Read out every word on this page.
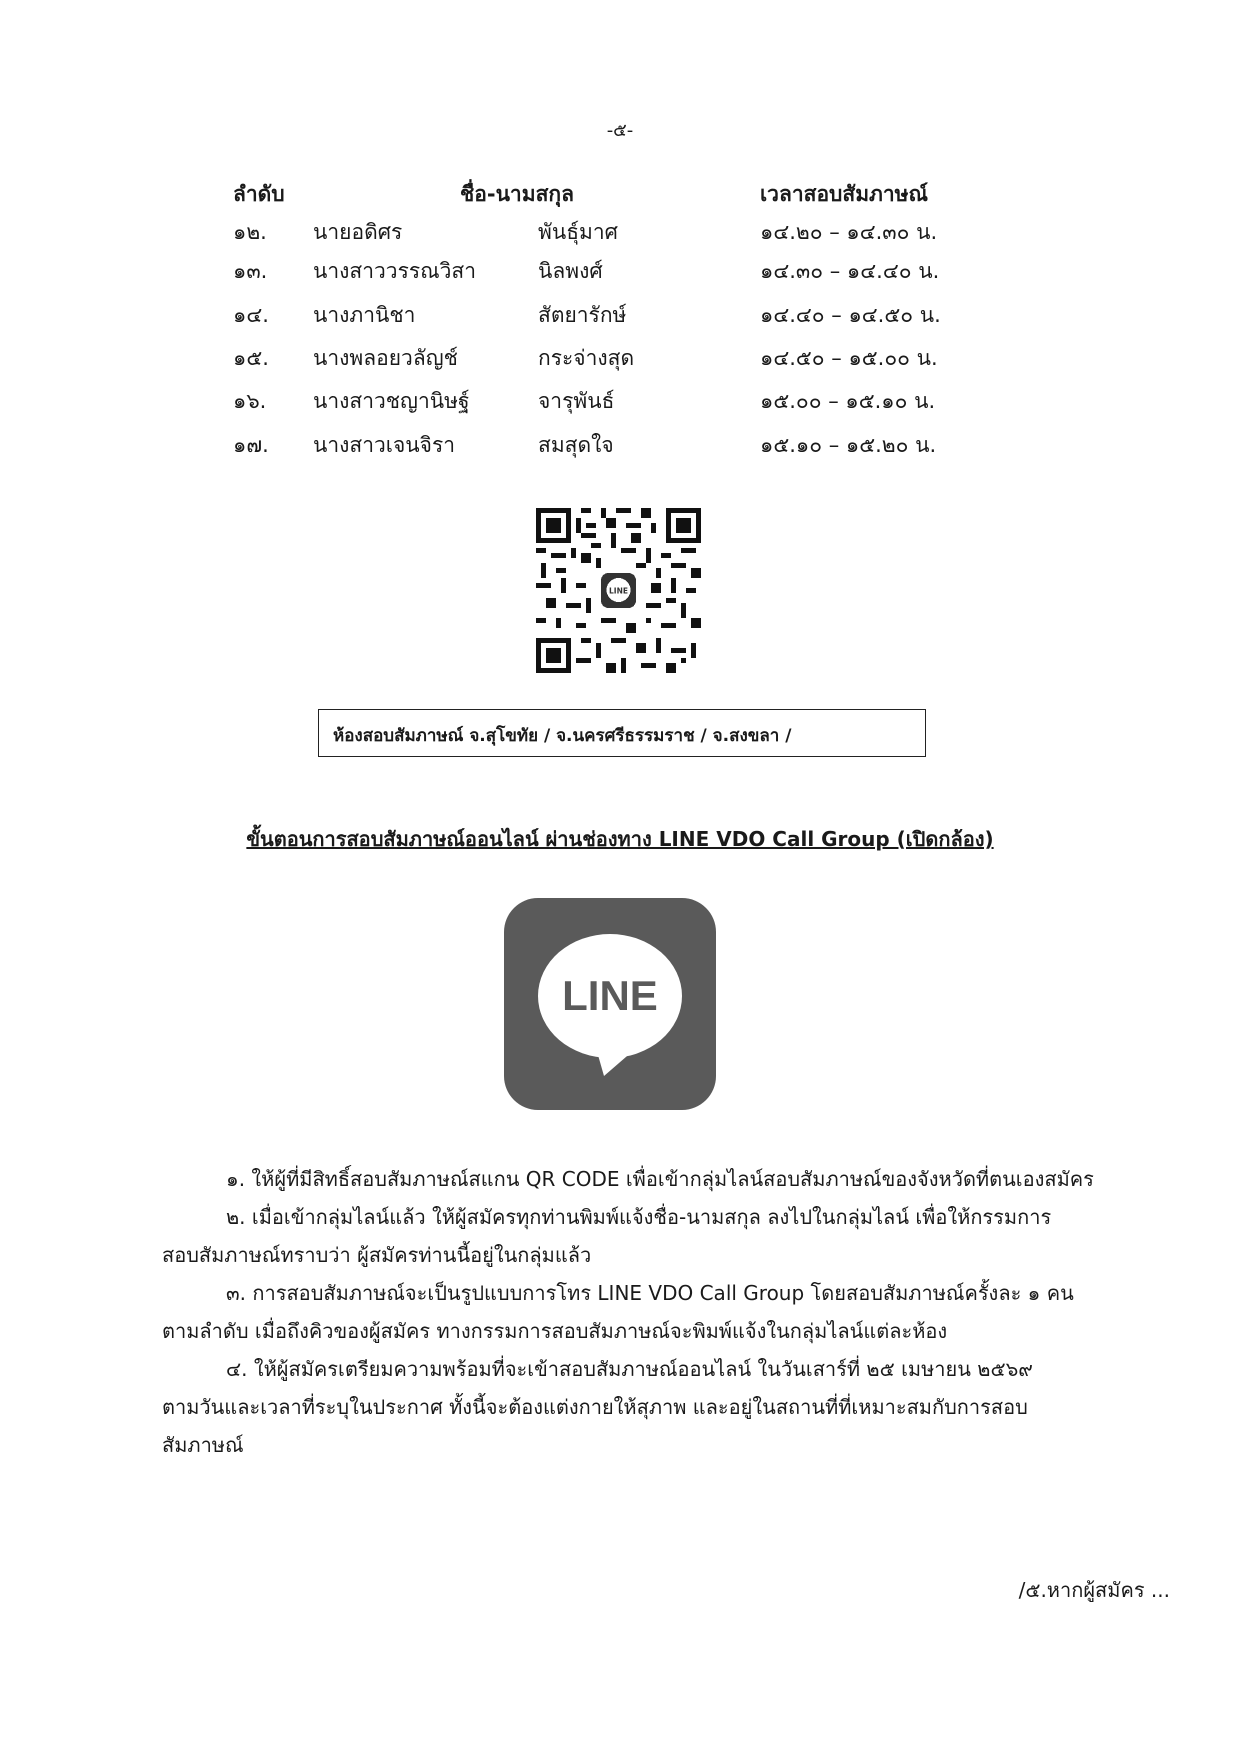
-๕-
ลำดับ	ชื่อ-นามสกุล	เวลาสอบสัมภาษณ์
๑๒. นายอดิศร	พันธุ์มาศ	๑๔.๒๐ – ๑๔.๓๐ น.
๑๓. นางสาววรรณวิสา	นิลพงศ์	๑๔.๓๐ – ๑๔.๔๐ น.
๑๔. นางภานิชา	สัตยารักษ์	๑๔.๔๐ – ๑๔.๕๐ น.
๑๕. นางพลอยวลัญช์	กระจ่างสุด	๑๔.๕๐ – ๑๕.๐๐ น.
๑๖. นางสาวชญานิษฐ์	จารุพันธ์	๑๕.๐๐ – ๑๕.๑๐ น.
๑๗. นางสาวเจนจิรา	สมสุดใจ	๑๕.๑๐ – ๑๕.๒๐ น.
LINE
ห้องสอบสัมภาษณ์ จ.สุโขทัย / จ.นครศรีธรรมราช / จ.สงขลา /
ขั้นตอนการสอบสัมภาษณ์ออนไลน์ ผ่านช่องทาง LINE VDO Call Group (เปิดกล้อง)
LINE
๑. ให้ผู้ที่มีสิทธิ์สอบสัมภาษณ์สแกน QR CODE เพื่อเข้ากลุ่มไลน์สอบสัมภาษณ์ของจังหวัดที่ตนเองสมัคร
๒. เมื่อเข้ากลุ่มไลน์แล้ว ให้ผู้สมัครทุกท่านพิมพ์แจ้งชื่อ-นามสกุล ลงไปในกลุ่มไลน์ เพื่อให้กรรมการ
สอบสัมภาษณ์ทราบว่า ผู้สมัครท่านนี้อยู่ในกลุ่มแล้ว
๓. การสอบสัมภาษณ์จะเป็นรูปแบบการโทร LINE VDO Call Group โดยสอบสัมภาษณ์ครั้งละ ๑ คน
ตามลำดับ เมื่อถึงคิวของผู้สมัคร ทางกรรมการสอบสัมภาษณ์จะพิมพ์แจ้งในกลุ่มไลน์แต่ละห้อง
๔. ให้ผู้สมัครเตรียมความพร้อมที่จะเข้าสอบสัมภาษณ์ออนไลน์ ในวันเสาร์ที่ ๒๕ เมษายน ๒๕๖๙
ตามวันและเวลาที่ระบุในประกาศ ทั้งนี้จะต้องแต่งกายให้สุภาพ และอยู่ในสถานที่ที่เหมาะสมกับการสอบ
สัมภาษณ์
/๕.หากผู้สมัคร ...
